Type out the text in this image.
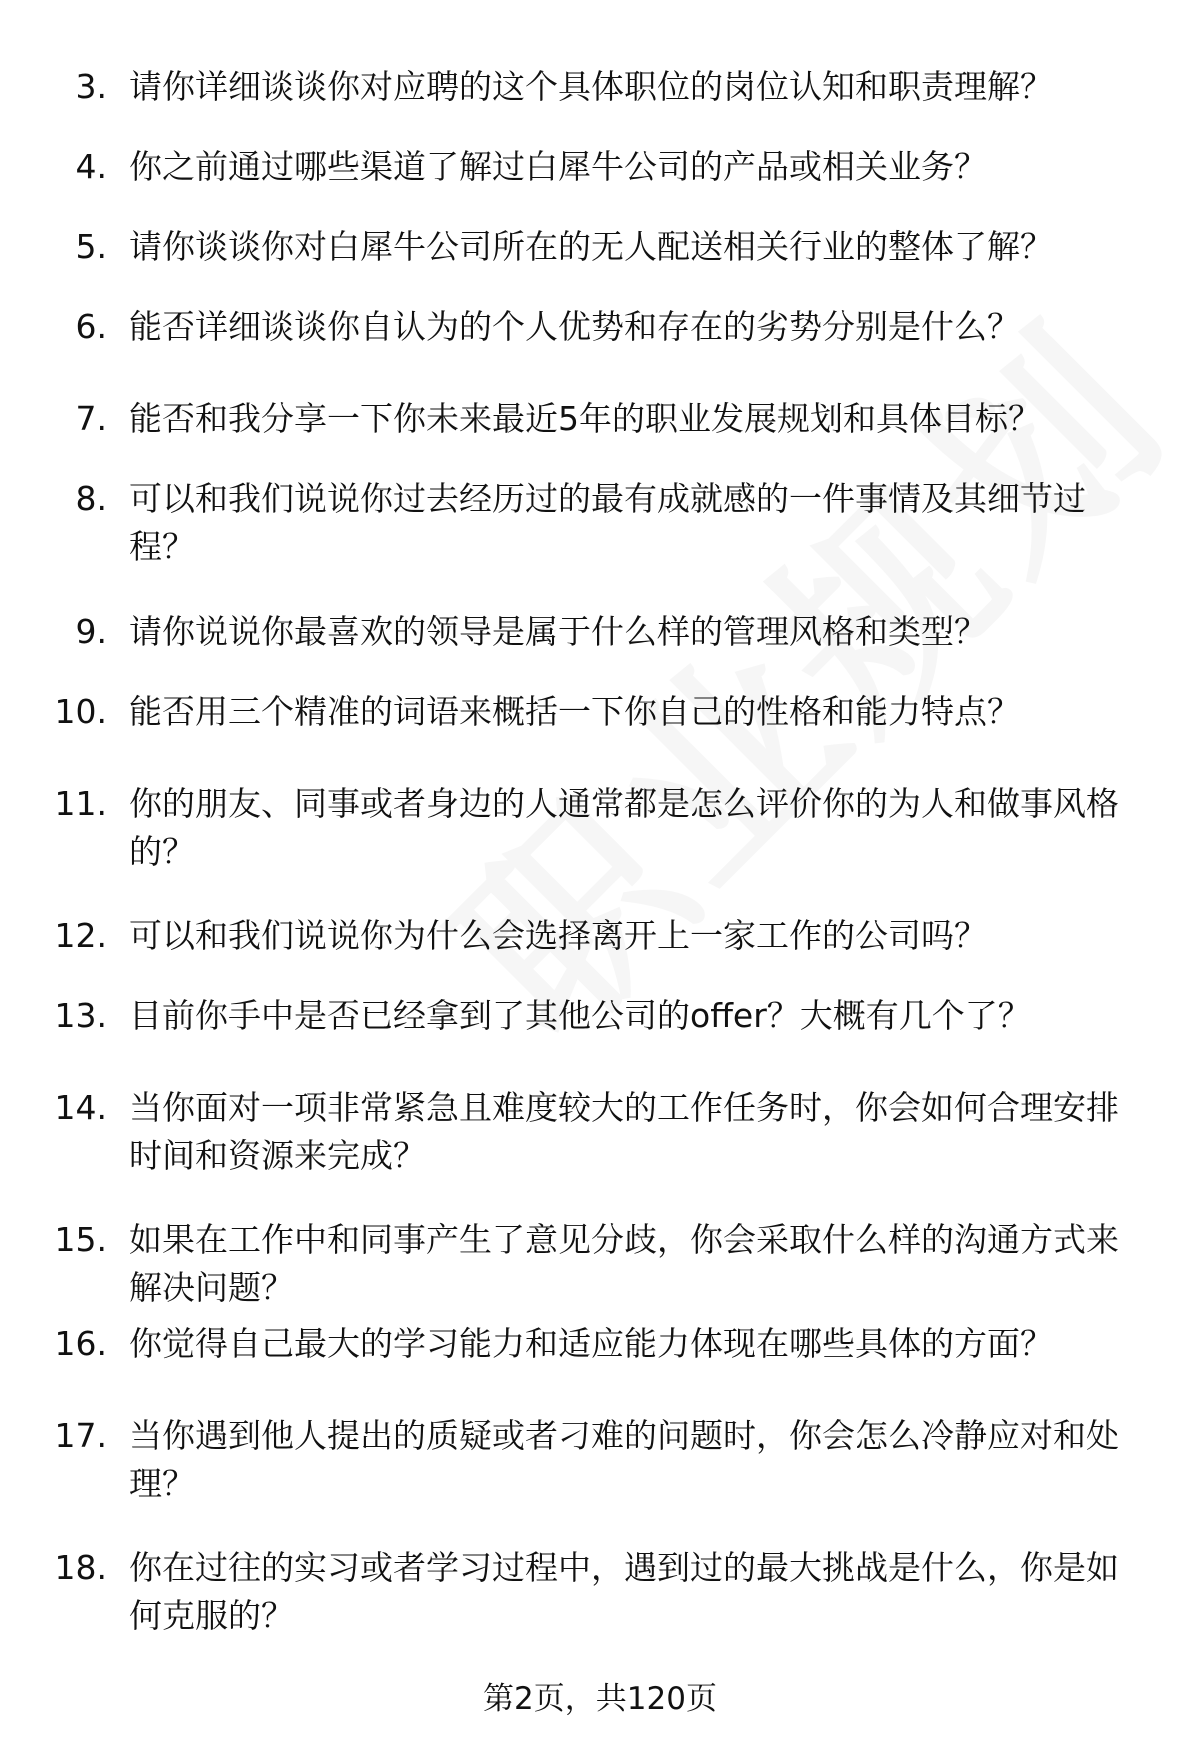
3. 请你详细谈谈你对应聘的这个具体职位的岗位认知和职责理解？
4. 你之前通过哪些渠道了解过白犀牛公司的产品或相关业务？
5. 请你谈谈你对白犀牛公司所在的无人配送相关行业的整体了解？
6. 能否详细谈谈你自认为的个人优势和存在的劣势分别是什么？
7. 能否和我分享一下你未来最近5年的职业发展规划和具体目标？
8. 可以和我们说说你过去经历过的最有成就感的一件事情及其细节过程？
9. 请你说说你最喜欢的领导是属于什么样的管理风格和类型？
10. 能否用三个精准的词语来概括一下你自己的性格和能力特点？
11. 你的朋友、同事或者身边的人通常都是怎么评价你的为人和做事风格的？
12. 可以和我们说说你为什么会选择离开上一家工作的公司吗？
13. 目前你手中是否已经拿到了其他公司的offer？大概有几个了？
14. 当你面对一项非常紧急且难度较大的工作任务时，你会如何合理安排时间和资源来完成？
15. 如果在工作中和同事产生了意见分歧，你会采取什么样的沟通方式来解决问题？
16. 你觉得自己最大的学习能力和适应能力体现在哪些具体的方面？
17. 当你遇到他人提出的质疑或者刁难的问题时，你会怎么冷静应对和处理？
18. 你在过往的实习或者学习过程中，遇到过的最大挑战是什么，你是如何克服的？
第2页，共120页
